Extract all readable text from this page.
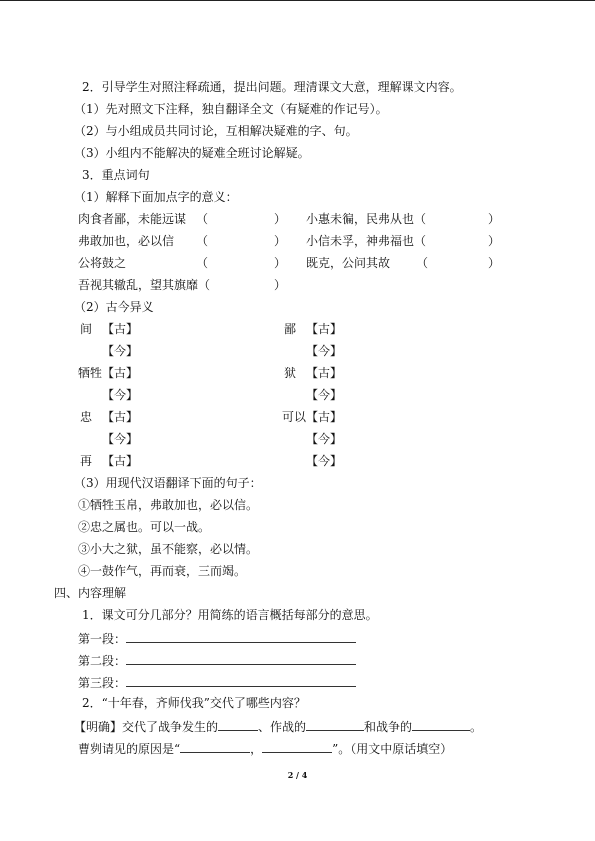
2．引导学生对照注释疏通，提出问题。理清课文大意，理解课文内容。
（1）先对照文下注释，独自翻译全文（有疑难的作记号）。
（2）与小组成员共同讨论，互相解决疑难的字、句。
（3）小组内不能解决的疑难全班讨论解疑。
3．重点词句
（1）解释下面加点字的意义：
肉食者鄙，未能远谋 （	） 小惠未徧，民弗从也（	）
弗敢加也，必以信 （	） 小信未孚，神弗福也（	）
公将鼓之	（	） 既克，公问其故 （	）
吾视其辙乱，望其旗靡（	）
（2）古今异义
间 【古】	鄙 【古】
【今】	【今】
牺牲 【古】	狱 【古】
【今】	【今】
忠 【古】	可以 【古】
【今】	【今】
再 【古】	【今】
（3）用现代汉语翻译下面的句子：
①牺牲玉帛，弗敢加也，必以信。
②忠之属也。可以一战。
③小大之狱，虽不能察，必以情。
④一鼓作气，再而衰，三而竭。
四、内容理解
1．课文可分几部分？用简练的语言概括每部分的意思。
第一段：
第二段：
第三段：
2．“十年春，齐师伐我”交代了哪些内容？
【明确】交代了战争发生的	、作战的	和战争的	。
曹刿请见的原因是“	，	”。（用文中原话填空）
2 / 4
